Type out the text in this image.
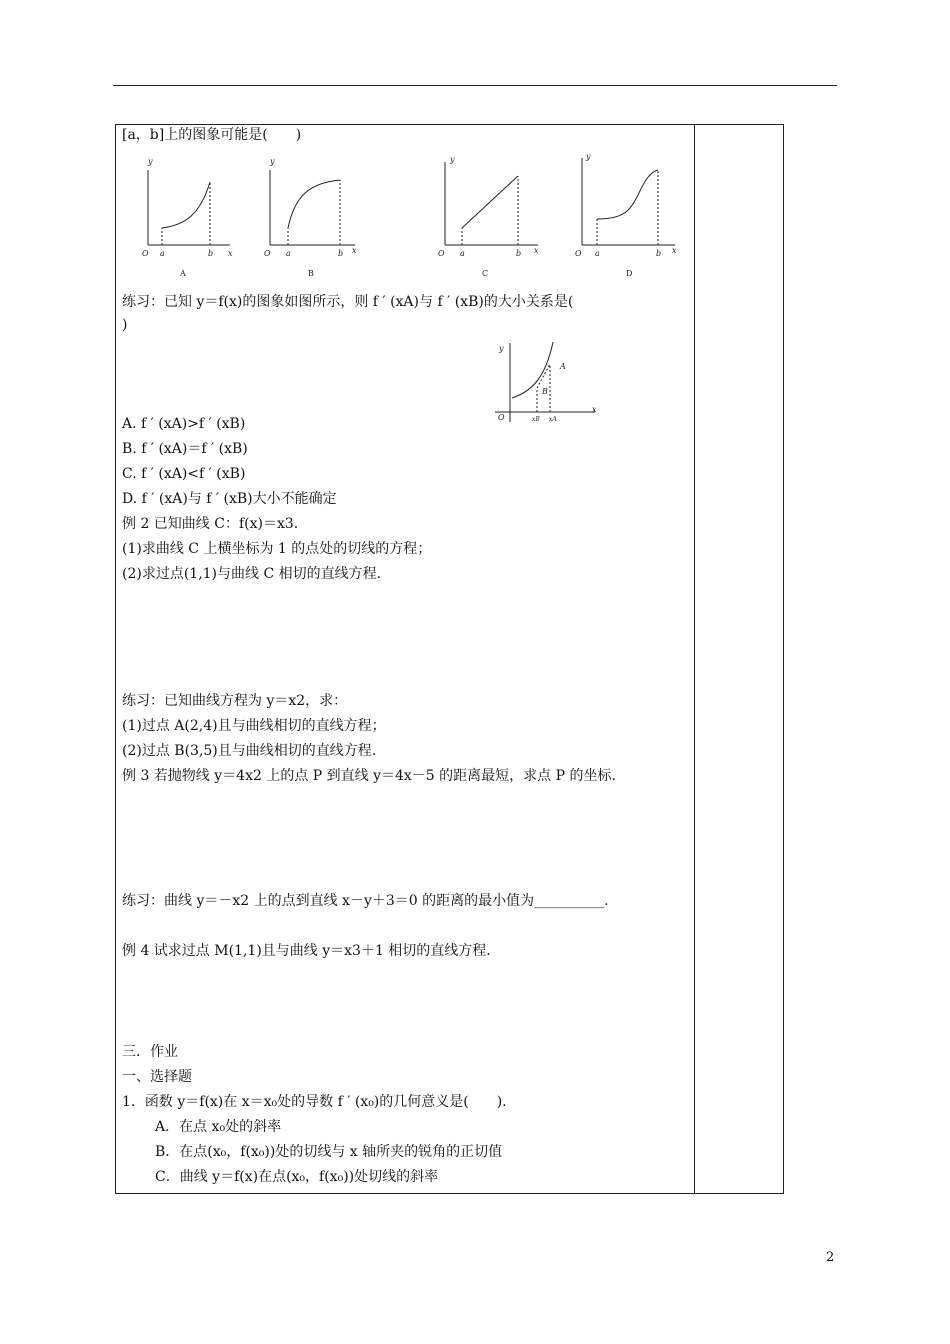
[a，b]上的图象可能是(　　)
y
O a	b x
y
O a	b x
y
O a	b x
y
O a	b x
A	B	C	D
练习：已知 y＝f(x)的图象如图所示，则 f ′ (xA)与 f ′ (xB)的大小关系是(
)
y
x
O
A
B
xB xA
A. f ′ (xA)>f ′ (xB)
B. f ′ (xA)＝f ′ (xB)
C. f ′ (xA)<f ′ (xB)
D. f ′ (xA)与 f ′ (xB)大小不能确定
例 2 已知曲线 C：f(x)＝x3.
(1)求曲线 C 上横坐标为 1 的点处的切线的方程；
(2)求过点(1,1)与曲线 C 相切的直线方程.
练习：已知曲线方程为 y＝x2，求：
(1)过点 A(2,4)且与曲线相切的直线方程；
(2)过点 B(3,5)且与曲线相切的直线方程.
例 3 若抛物线 y＝4x2 上的点 P 到直线 y＝4x－5 的距离最短，求点 P 的坐标.
练习：曲线 y＝－x2 上的点到直线 x－y＋3＝0 的距离的最小值为__________.
例 4 试求过点 M(1,1)且与曲线 y＝x3＋1 相切的直线方程.
三．作业
一、选择题
1．函数 y＝f(x)在 x＝x₀处的导数 f ′ (x₀)的几何意义是(　　).
A．在点 x₀处的斜率
B．在点(x₀，f(x₀))处的切线与 x 轴所夹的锐角的正切值
C．曲线 y＝f(x)在点(x₀，f(x₀))处切线的斜率
2
